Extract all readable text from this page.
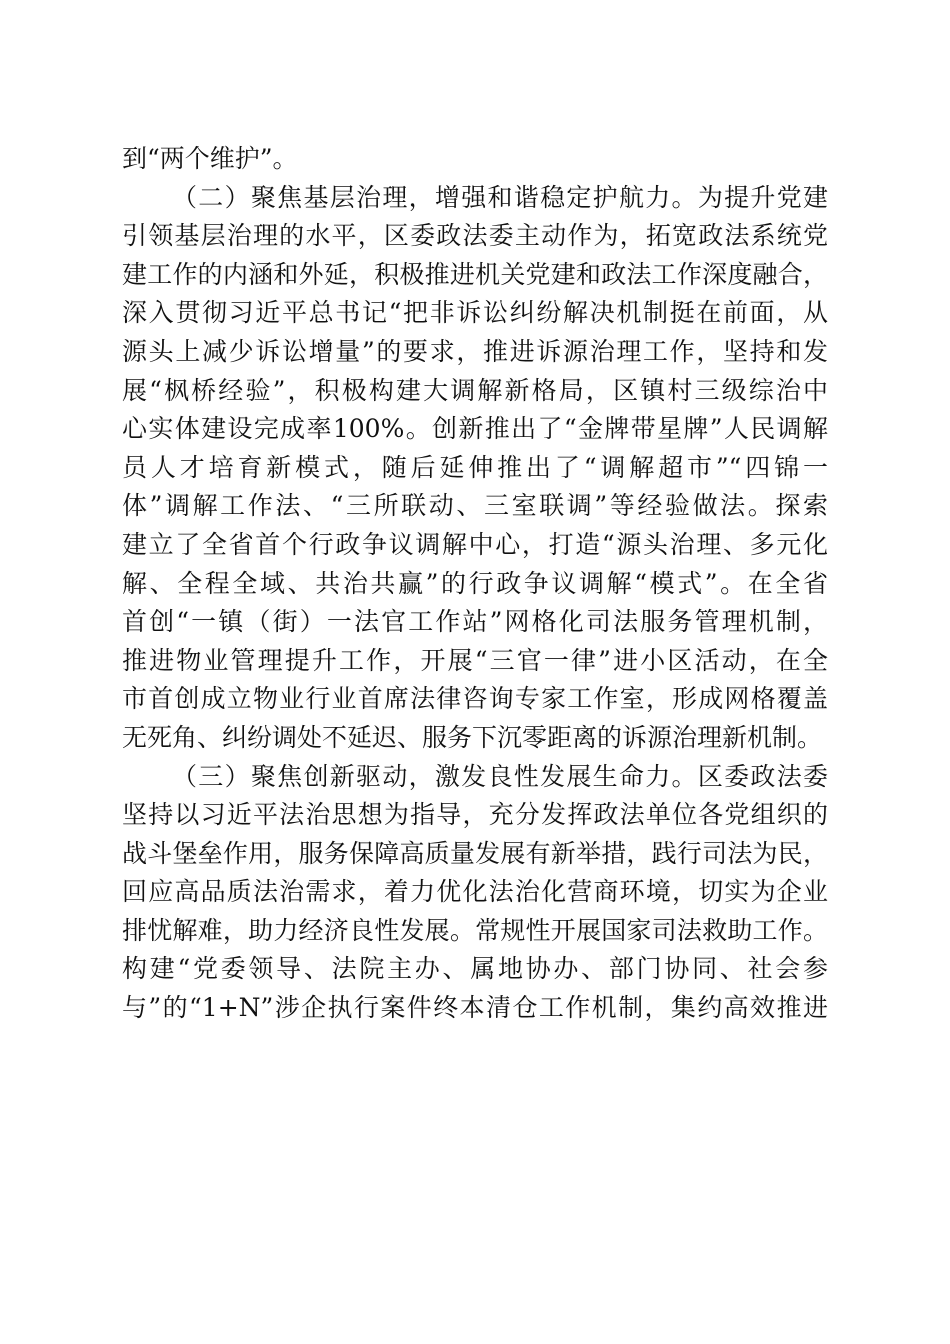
到“两个维护”。
（二）聚焦基层治理，增强和谐稳定护航力。为提升党建
引领基层治理的水平，区委政法委主动作为，拓宽政法系统党
建工作的内涵和外延，积极推进机关党建和政法工作深度融合，
深入贯彻习近平总书记“把非诉讼纠纷解决机制挺在前面，从
源头上减少诉讼增量”的要求，推进诉源治理工作，坚持和发
展“枫桥经验”，积极构建大调解新格局，区镇村三级综治中
心实体建设完成率100%。创新推出了“金牌带星牌”人民调解
员人才培育新模式，随后延伸推出了“调解超市”“四锦一
体”调解工作法、“三所联动、三室联调”等经验做法。探索
建立了全省首个行政争议调解中心，打造“源头治理、多元化
解、全程全域、共治共赢”的行政争议调解“模式”。在全省
首创“一镇（街）一法官工作站”网格化司法服务管理机制，
推进物业管理提升工作，开展“三官一律”进小区活动，在全
市首创成立物业行业首席法律咨询专家工作室，形成网格覆盖
无死角、纠纷调处不延迟、服务下沉零距离的诉源治理新机制。
（三）聚焦创新驱动，激发良性发展生命力。区委政法委
坚持以习近平法治思想为指导，充分发挥政法单位各党组织的
战斗堡垒作用，服务保障高质量发展有新举措，践行司法为民，
回应高品质法治需求，着力优化法治化营商环境，切实为企业
排忧解难，助力经济良性发展。常规性开展国家司法救助工作。
构建“党委领导、法院主办、属地协办、部门协同、社会参
与”的“1+N”涉企执行案件终本清仓工作机制，集约高效推进
